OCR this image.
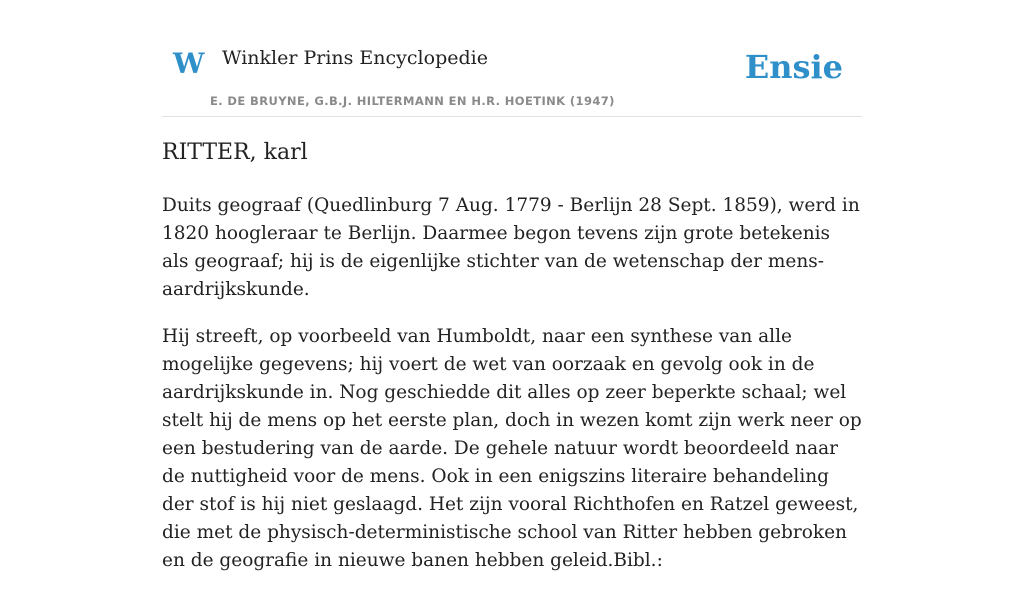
W Winkler Prins Encyclopedie
E. DE BRUYNE, G.B.J. HILTERMANN EN H.R. HOETINK (1947)
Ensie
RITTER, karl

Duits geograaf (Quedlinburg 7 Aug. 1779 - Berlijn 28 Sept. 1859), werd in 1820 hoogleraar te Berlijn. Daarmee begon tevens zijn grote betekenis als geograaf; hij is de eigenlijke stichter van de wetenschap der mens-aardrijkskunde.

Hij streeft, op voorbeeld van Humboldt, naar een synthese van alle mogelijke gegevens; hij voert de wet van oorzaak en gevolg ook in de aardrijkskunde in. Nog geschiedde dit alles op zeer beperkte schaal; wel stelt hij de mens op het eerste plan, doch in wezen komt zijn werk neer op een bestudering van de aarde. De gehele natuur wordt beoordeeld naar de nuttigheid voor de mens. Ook in een enigszins literaire behandeling der stof is hij niet geslaagd. Het zijn vooral Richthofen en Ratzel geweest, die met de physisch-deterministische school van Ritter hebben gebroken en de geografie in nieuwe banen hebben geleid.Bibl.:
